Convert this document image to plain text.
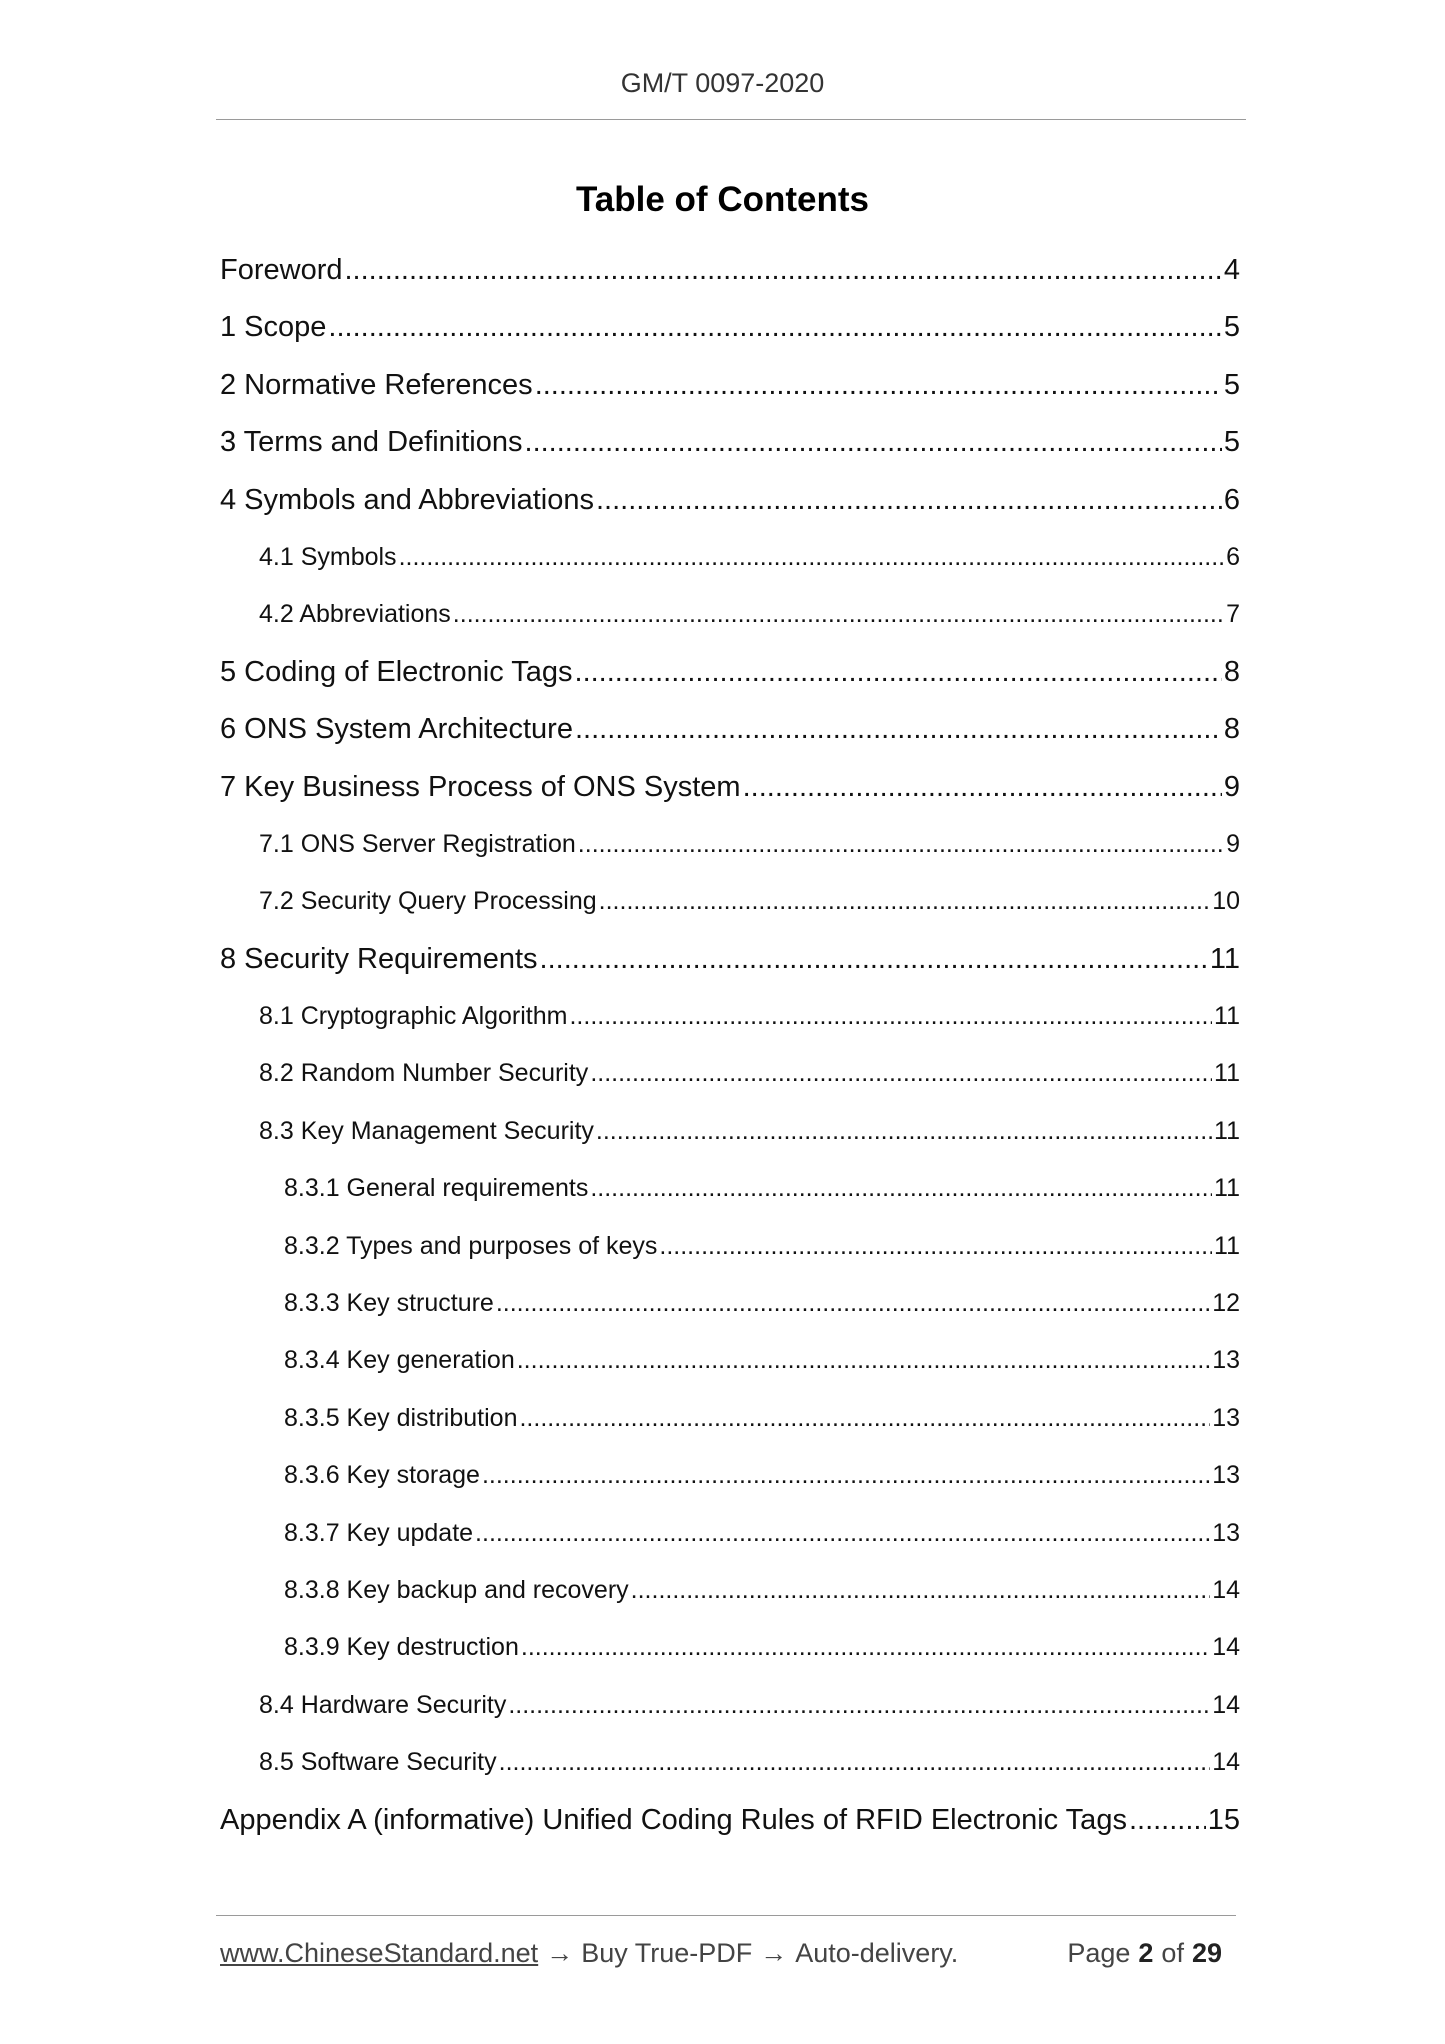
GM/T 0097-2020
Table of Contents
Foreword .....	4
1 Scope .....	5
2 Normative References .....	5
3 Terms and Definitions .....	5
4 Symbols and Abbreviations .....	6
4.1 Symbols .....	6
4.2 Abbreviations .....	7
5 Coding of Electronic Tags .....	8
6 ONS System Architecture .....	8
7 Key Business Process of ONS System .....	9
7.1 ONS Server Registration .....	9
7.2 Security Query Processing .....	10
8 Security Requirements .....	11
8.1 Cryptographic Algorithm .....	11
8.2 Random Number Security .....	11
8.3 Key Management Security .....	11
8.3.1 General requirements .....	11
8.3.2 Types and purposes of keys .....	11
8.3.3 Key structure .....	12
8.3.4 Key generation .....	13
8.3.5 Key distribution .....	13
8.3.6 Key storage .....	13
8.3.7 Key update .....	13
8.3.8 Key backup and recovery .....	14
8.3.9 Key destruction .....	14
8.4 Hardware Security .....	14
8.5 Software Security .....	14
Appendix A (informative) Unified Coding Rules of RFID Electronic Tags .....	15
www.ChineseStandard.net → Buy True-PDF → Auto-delivery.	Page 2 of 29
